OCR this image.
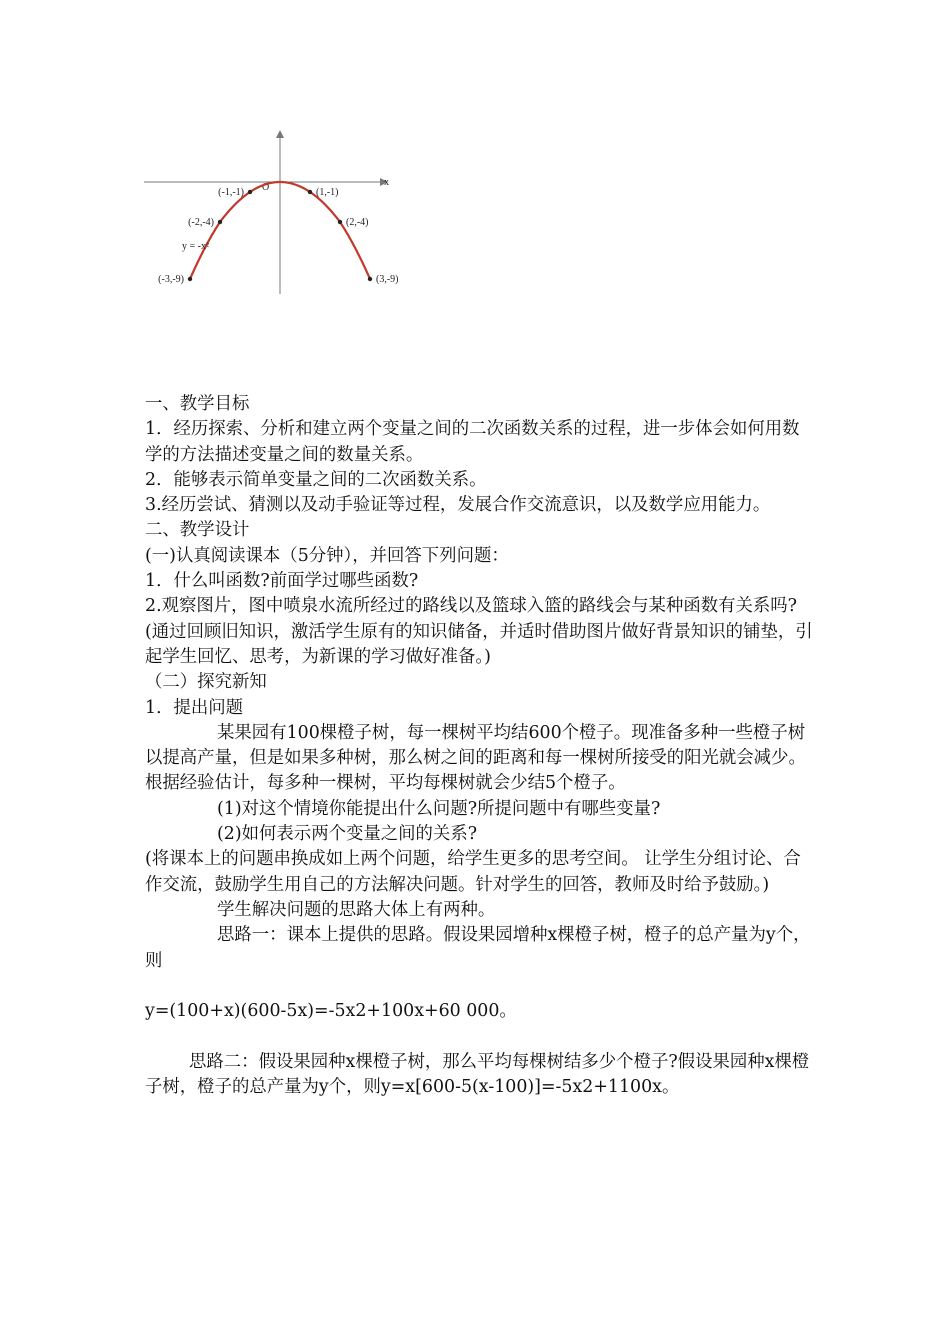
x
O
(-1,-1)	(1,-1)
(-2,-4)	(2,-4)
(-3,-9)	(3,-9)
y = -x²

一、教学目标

1．经历探索、分析和建立两个变量之间的二次函数关系的过程，进一步体会如何用数学的方法描述变量之间的数量关系。

2．能够表示简单变量之间的二次函数关系。

3.经历尝试、猜测以及动手验证等过程，发展合作交流意识，以及数学应用能力。

二、教学设计

(一)认真阅读课本（5分钟），并回答下列问题：

1．什么叫函数?前面学过哪些函数?

2.观察图片，图中喷泉水流所经过的路线以及篮球入篮的路线会与某种函数有关系吗?

(通过回顾旧知识，激活学生原有的知识储备，并适时借助图片做好背景知识的铺垫，引起学生回忆、思考，为新课的学习做好准备。)

（二）探究新知

1．提出问题

某果园有100棵橙子树，每一棵树平均结600个橙子。现准备多种一些橙子树以提高产量，但是如果多种树，那么树之间的距离和每一棵树所接受的阳光就会减少。根据经验估计，每多种一棵树，平均每棵树就会少结5个橙子。

(1)对这个情境你能提出什么问题?所提问题中有哪些变量?

(2)如何表示两个变量之间的关系?

(将课本上的问题串换成如上两个问题，给学生更多的思考空间。 让学生分组讨论、合作交流，鼓励学生用自己的方法解决问题。针对学生的回答，教师及时给予鼓励。)

学生解决问题的思路大体上有两种。

思路一：课本上提供的思路。假设果园增种x棵橙子树，橙子的总产量为y个，则

y=(100+x)(600-5x)=-5x2+100x+60 000。

思路二：假设果园种x棵橙子树，那么平均每棵树结多少个橙子?假设果园种x棵橙子树，橙子的总产量为y个，则y=x[600-5(x-100)]=-5x2+1100x。
